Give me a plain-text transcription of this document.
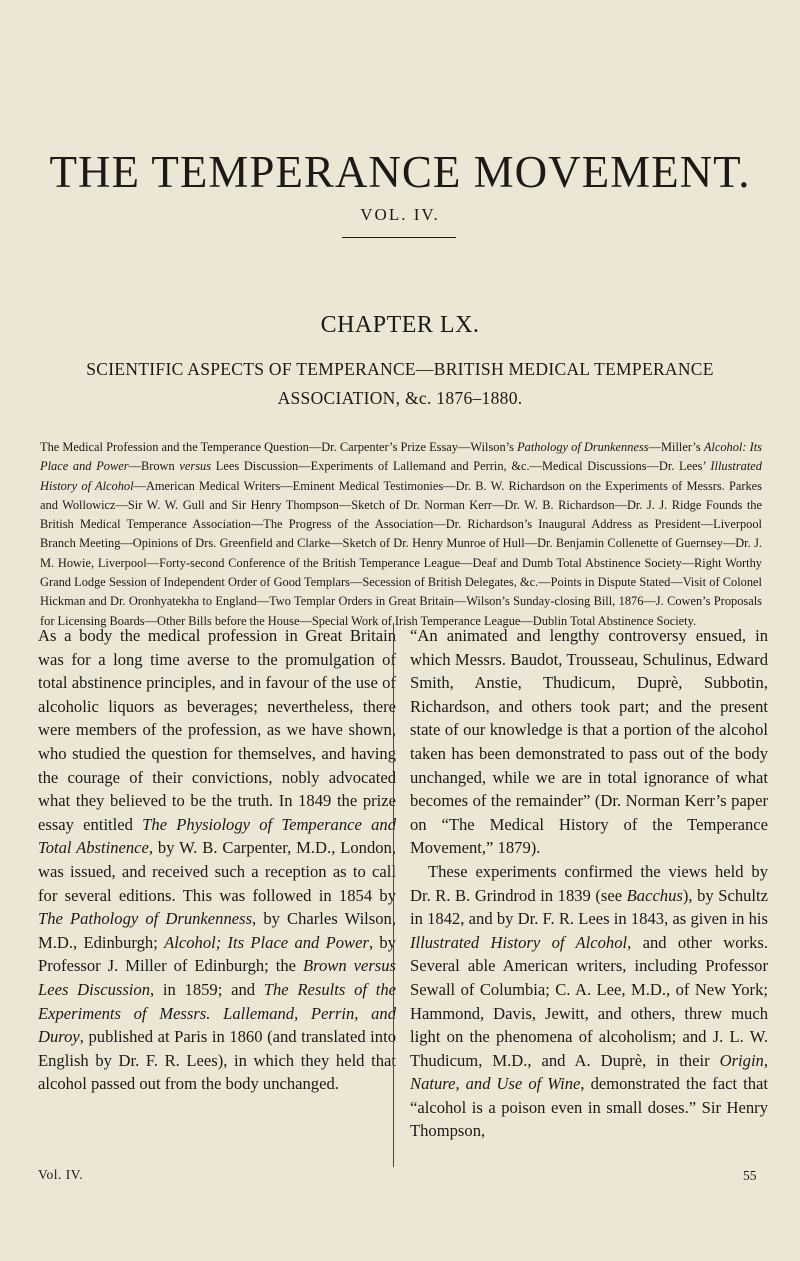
THE TEMPERANCE MOVEMENT.
VOL. IV.
CHAPTER LX.
SCIENTIFIC ASPECTS OF TEMPERANCE—BRITISH MEDICAL TEMPERANCE
ASSOCIATION, &c. 1876–1880.

The Medical Profession and the Temperance Question—Dr. Carpenter’s Prize Essay—Wilson’s Pathology of Drunkenness—Miller’s Alcohol: Its Place and Power—Brown versus Lees Discussion—Experiments of Lallemand and Perrin, &c.—Medical Discussions—Dr. Lees’ Illustrated History of Alcohol—American Medical Writers—Eminent Medical Testimonies—Dr. B. W. Richardson on the Experiments of Messrs. Parkes and Wollowicz—Sir W. W. Gull and Sir Henry Thompson—Sketch of Dr. Norman Kerr—Dr. W. B. Richardson—Dr. J. J. Ridge Founds the British Medical Temperance Association—The Progress of the Association—Dr. Richardson’s Inaugural Address as President—Liverpool Branch Meeting—Opinions of Drs. Greenfield and Clarke—Sketch of Dr. Henry Munroe of Hull—Dr. Benjamin Collenette of Guernsey—Dr. J. M. Howie, Liverpool—Forty-second Conference of the British Temperance League—Deaf and Dumb Total Abstinence Society—Right Worthy Grand Lodge Session of Independent Order of Good Templars—Secession of British Delegates, &c.—Points in Dispute Stated—Visit of Colonel Hickman and Dr. Oronhyatekha to England—Two Templar Orders in Great Britain—Wilson’s Sunday-closing Bill, 1876—J. Cowen’s Proposals for Licensing Boards—Other Bills before the House—Special Work of Irish Temperance League—Dublin Total Abstinence Society.

As a body the medical profession in Great Britain was for a long time averse to the promulgation of total abstinence principles, and in favour of the use of alcoholic liquors as beverages; nevertheless, there were members of the profession, as we have shown, who studied the question for themselves, and having the courage of their convictions, nobly advocated what they believed to be the truth. In 1849 the prize essay entitled The Physiology of Temperance and Total Abstinence, by W. B. Carpenter, M.D., London, was issued, and received such a reception as to call for several editions. This was followed in 1854 by The Pathology of Drunkenness, by Charles Wilson, M.D., Edinburgh; Alcohol; Its Place and Power, by Professor J. Miller of Edinburgh; the Brown versus Lees Discussion, in 1859; and The Results of the Experiments of Messrs. Lallemand, Perrin, and Duroy, published at Paris in 1860 (and translated into English by Dr. F. R. Lees), in which they held that alcohol passed out from the body unchanged.

“An animated and lengthy controversy ensued, in which Messrs. Baudot, Trousseau, Schulinus, Edward Smith, Anstie, Thudicum, Duprè, Subbotin, Richardson, and others took part; and the present state of our knowledge is that a portion of the alcohol taken has been demonstrated to pass out of the body unchanged, while we are in total ignorance of what becomes of the remainder” (Dr. Norman Kerr’s paper on “The Medical History of the Temperance Movement,” 1879).

These experiments confirmed the views held by Dr. R. B. Grindrod in 1839 (see Bacchus), by Schultz in 1842, and by Dr. F. R. Lees in 1843, as given in his Illustrated History of Alcohol, and other works. Several able American writers, including Professor Sewall of Columbia; C. A. Lee, M.D., of New York; Hammond, Davis, Jewitt, and others, threw much light on the phenomena of alcoholism; and J. L. W. Thudicum, M.D., and A. Duprè, in their Origin, Nature, and Use of Wine, demonstrated the fact that “alcohol is a poison even in small doses.” Sir Henry Thompson,

Vol. IV.	55
